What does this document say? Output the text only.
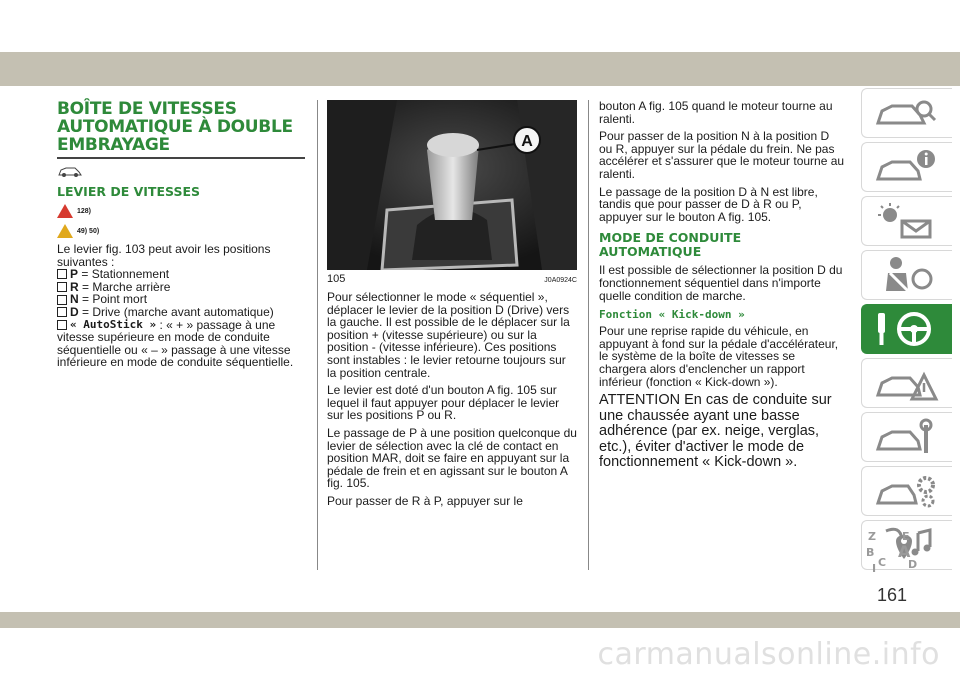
BOÎTE DE VITESSES
AUTOMATIQUE À DOUBLE
EMBRAYAGE
LEVIER DE VITESSES
128)
49) 50)

Le levier fig. 103 peut avoir les positions suivantes :

P
= Stationnement
R
= Marche arrière
N
= Point mort
D
= Drive (marche avant automatique)
« AutoStick »
: « + » passage à une

vitesse supérieure en mode de conduite séquentielle ou « – » passage à une vitesse inférieure en mode de conduite séquentielle.

A
105	J0A0924C

Pour sélectionner le mode « séquentiel », déplacer le levier de la position D (Drive) vers la gauche. Il est possible de le déplacer sur la position + (vitesse supérieure) ou sur la position - (vitesse inférieure). Ces positions sont instables : le levier retourne toujours sur la position centrale.

Le levier est doté d'un bouton A fig. 105 sur lequel il faut appuyer pour déplacer le levier sur les positions P ou R.

Le passage de P à une position quelconque du levier de sélection avec la clé de contact en position MAR, doit se faire en appuyant sur la pédale de frein et en agissant sur le bouton A fig. 105.

Pour passer de R à P, appuyer sur le

bouton A fig. 105 quand le moteur tourne au ralenti.

Pour passer de la position N à la position D ou R, appuyer sur la pédale du frein. Ne pas accélérer et s'assurer que le moteur tourne au ralenti.

Le passage de la position D à N est libre, tandis que pour passer de D à R ou P, appuyer sur le bouton A fig. 105.

MODE DE CONDUITE
AUTOMATIQUE

Il est possible de sélectionner la position D du fonctionnement séquentiel dans n'importe quelle condition de marche.

Fonction « Kick-down »

Pour une reprise rapide du véhicule, en appuyant à fond sur la pédale d'accélérateur, le système de la boîte de vitesses se chargera alors d'enclencher un rapport inférieur (fonction « Kick-down »).

ATTENTION En cas de conduite sur une chaussée ayant une basse adhérence (par ex. neige, verglas, etc.), éviter d'activer le mode de fonctionnement « Kick-down ».

Z E
B A
C D
I
161
carmanualsonline.info
